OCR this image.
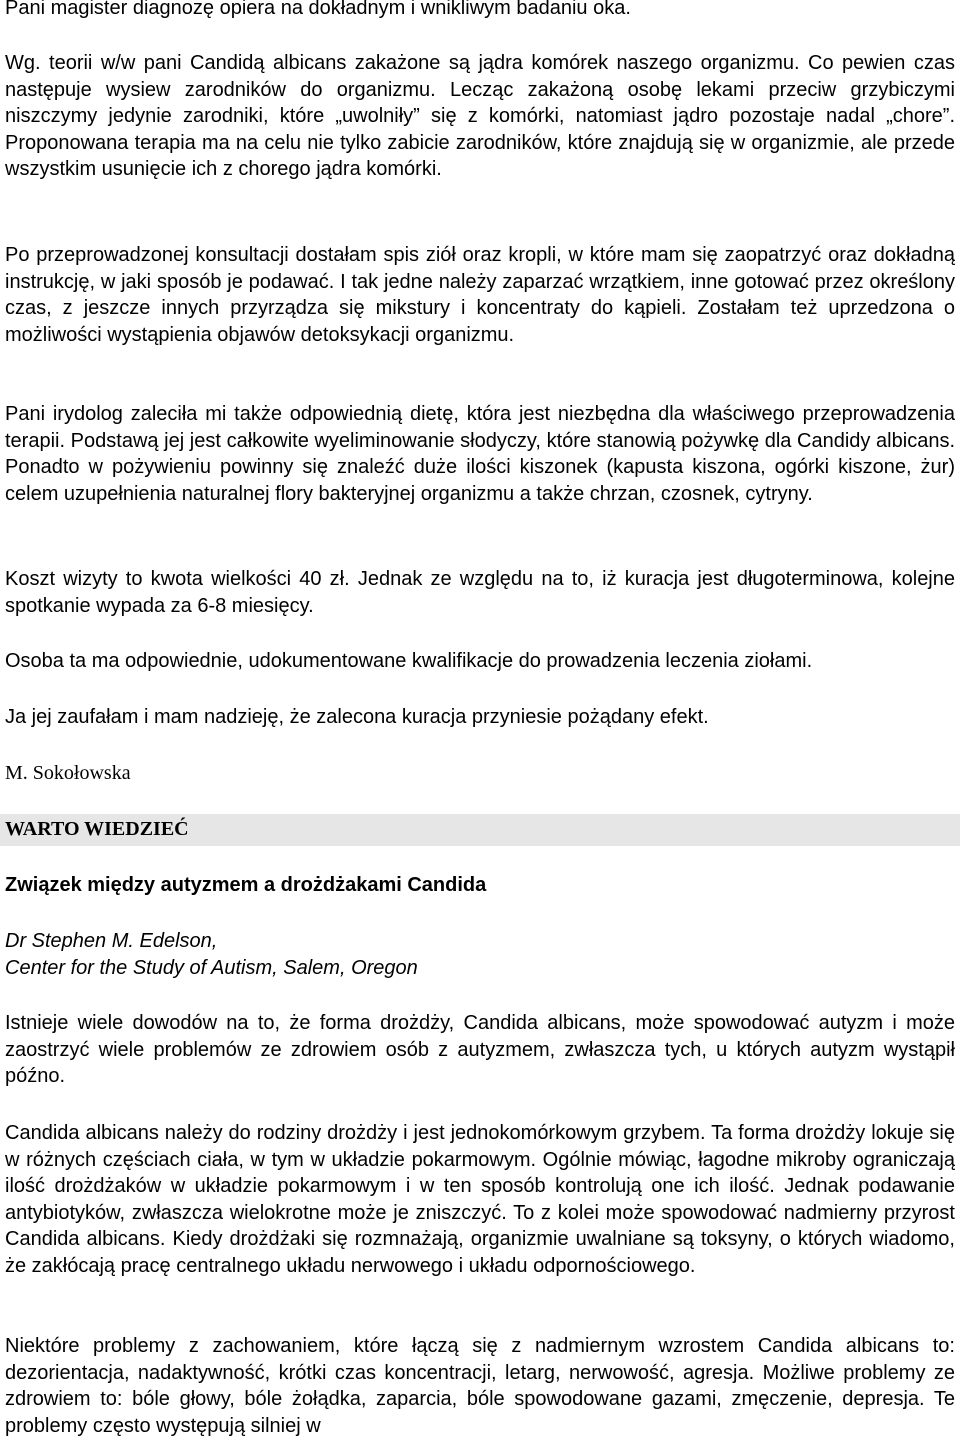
Pani magister diagnozę opiera na dokładnym i wnikliwym badaniu oka.

Wg. teorii w/w pani Candidą albicans zakażone są jądra komórek naszego organizmu. Co pewien czas następuje wysiew zarodników do organizmu. Lecząc zakażoną osobę lekami przeciw grzybiczymi niszczymy jedynie zarodniki, które „uwolniły” się z komórki, natomiast jądro pozostaje nadal „chore”. Proponowana terapia ma na celu nie tylko zabicie zarodników, które znajdują się w organizmie, ale przede wszystkim usunięcie ich z chorego jądra komórki.

Po przeprowadzonej konsultacji dostałam spis ziół oraz kropli, w które mam się zaopatrzyć oraz dokładną instrukcję, w jaki sposób je podawać. I tak jedne należy zaparzać wrzątkiem, inne gotować przez określony czas, z jeszcze innych przyrządza się mikstury i koncentraty do kąpieli. Zostałam też uprzedzona o możliwości wystąpienia objawów detoksykacji organizmu.

Pani irydolog zaleciła mi także odpowiednią dietę, która jest niezbędna dla właściwego przeprowadzenia terapii. Podstawą jej jest całkowite wyeliminowanie słodyczy, które stanowią pożywkę dla Candidy albicans. Ponadto w pożywieniu powinny się znaleźć duże ilości kiszonek (kapusta kiszona, ogórki kiszone, żur) celem uzupełnienia naturalnej flory bakteryjnej organizmu a także chrzan, czosnek, cytryny.

Koszt wizyty to kwota wielkości 40 zł. Jednak ze względu na to, iż kuracja jest długoterminowa, kolejne spotkanie wypada za 6-8 miesięcy.

Osoba ta ma odpowiednie, udokumentowane kwalifikacje do prowadzenia leczenia ziołami.

Ja jej zaufałam i mam nadzieję, że zalecona kuracja przyniesie pożądany efekt.

M. Sokołowska
WARTO WIEDZIEĆ
Związek między autyzmem a drożdżakami Candida
Dr Stephen M. Edelson,
Center for the Study of Autism, Salem, Oregon

Istnieje wiele dowodów na to, że forma drożdży, Candida albicans, może spowodować autyzm i może zaostrzyć wiele problemów ze zdrowiem osób z autyzmem, zwłaszcza tych, u których autyzm wystąpił późno.

Candida albicans należy do rodziny drożdży i jest jednokomórkowym grzybem. Ta forma drożdży lokuje się w różnych częściach ciała, w tym w układzie pokarmowym. Ogólnie mówiąc, łagodne mikroby ograniczają ilość drożdżaków w układzie pokarmowym i w ten sposób kontrolują one ich ilość. Jednak podawanie antybiotyków, zwłaszcza wielokrotne może je zniszczyć. To z kolei może spowodować nadmierny przyrost Candida albicans. Kiedy drożdżaki się rozmnażają, organizmie uwalniane są toksyny, o których wiadomo, że zakłócają pracę centralnego układu nerwowego i układu odpornościowego.

Niektóre problemy z zachowaniem, które łączą się z nadmiernym wzrostem Candida albicans to: dezorientacja, nadaktywność, krótki czas koncentracji, letarg, nerwowość, agresja. Możliwe problemy ze zdrowiem to: bóle głowy, bóle żołądka, zaparcia, bóle spowodowane gazami, zmęczenie, depresja. Te problemy często występują silniej w
